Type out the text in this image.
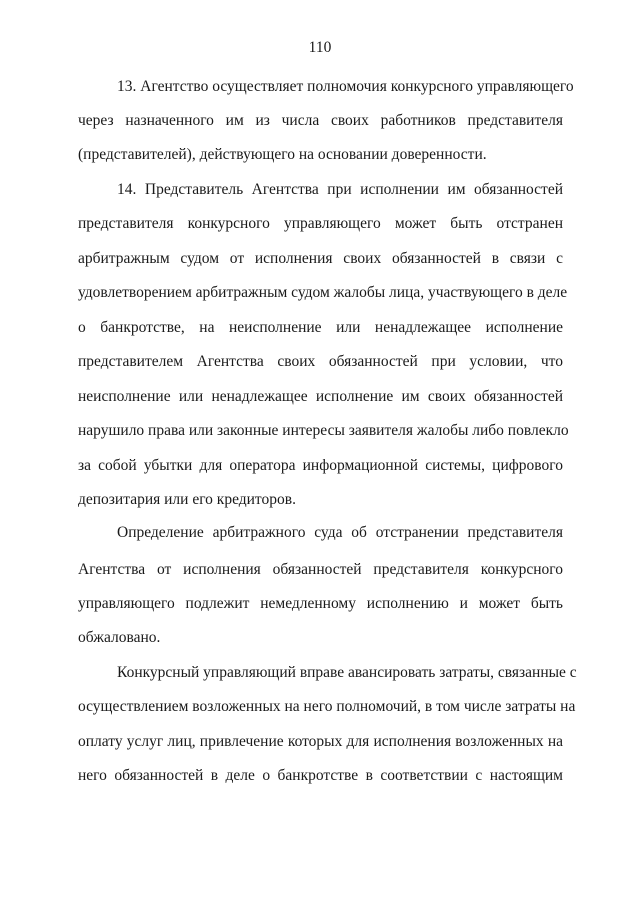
110
13. Агентство осуществляет полномочия конкурсного управляющего
через назначенного им из числа своих работников представителя
(представителей), действующего на основании доверенности.
14. Представитель Агентства при исполнении им обязанностей
представителя конкурсного управляющего может быть отстранен
арбитражным судом от исполнения своих обязанностей в связи с
удовлетворением арбитражным судом жалобы лица, участвующего в деле
о банкротстве, на неисполнение или ненадлежащее исполнение
представителем Агентства своих обязанностей при условии, что
неисполнение или ненадлежащее исполнение им своих обязанностей
нарушило права или законные интересы заявителя жалобы либо повлекло
за собой убытки для оператора информационной системы, цифрового
депозитария или его кредиторов.
Определение арбитражного суда об отстранении представителя
Агентства от исполнения обязанностей представителя конкурсного
управляющего подлежит немедленному исполнению и может быть
обжаловано.
Конкурсный управляющий вправе авансировать затраты, связанные с
осуществлением возложенных на него полномочий, в том числе затраты на
оплату услуг лиц, привлечение которых для исполнения возложенных на
него обязанностей в деле о банкротстве в соответствии с настоящим
